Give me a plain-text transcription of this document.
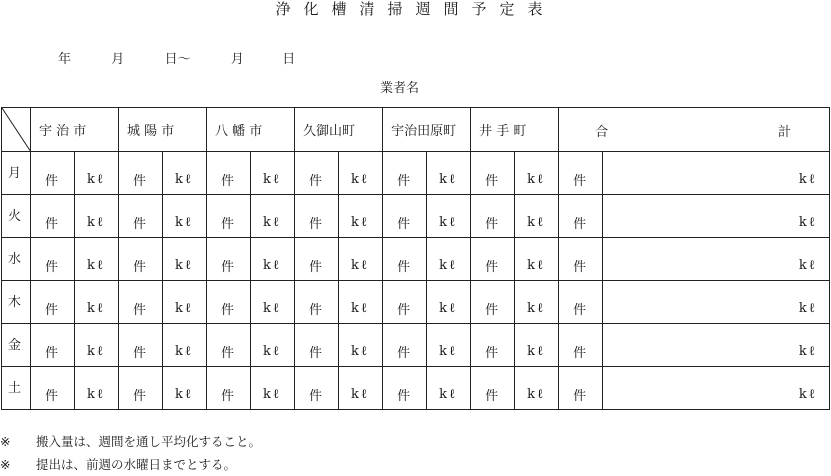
浄化槽清掃週間予定表
年	月	日～	月	日
業者名
	宇 治 市		城 陽 市		八 幡 市		久御山町		宇治田原町		井 手 町		合 計	

月	件	kℓ	件	kℓ	件	kℓ	件	kℓ	件	kℓ	件	kℓ	件	kℓ
火	件	kℓ	件	kℓ	件	kℓ	件	kℓ	件	kℓ	件	kℓ	件	kℓ
水	件	kℓ	件	kℓ	件	kℓ	件	kℓ	件	kℓ	件	kℓ	件	kℓ
木	件	kℓ	件	kℓ	件	kℓ	件	kℓ	件	kℓ	件	kℓ	件	kℓ
金	件	kℓ	件	kℓ	件	kℓ	件	kℓ	件	kℓ	件	kℓ	件	kℓ
土	件	kℓ	件	kℓ	件	kℓ	件	kℓ	件	kℓ	件	kℓ	件	kℓ
※ 搬入量は、週間を通し平均化すること。
※ 提出は、前週の水曜日までとする。
